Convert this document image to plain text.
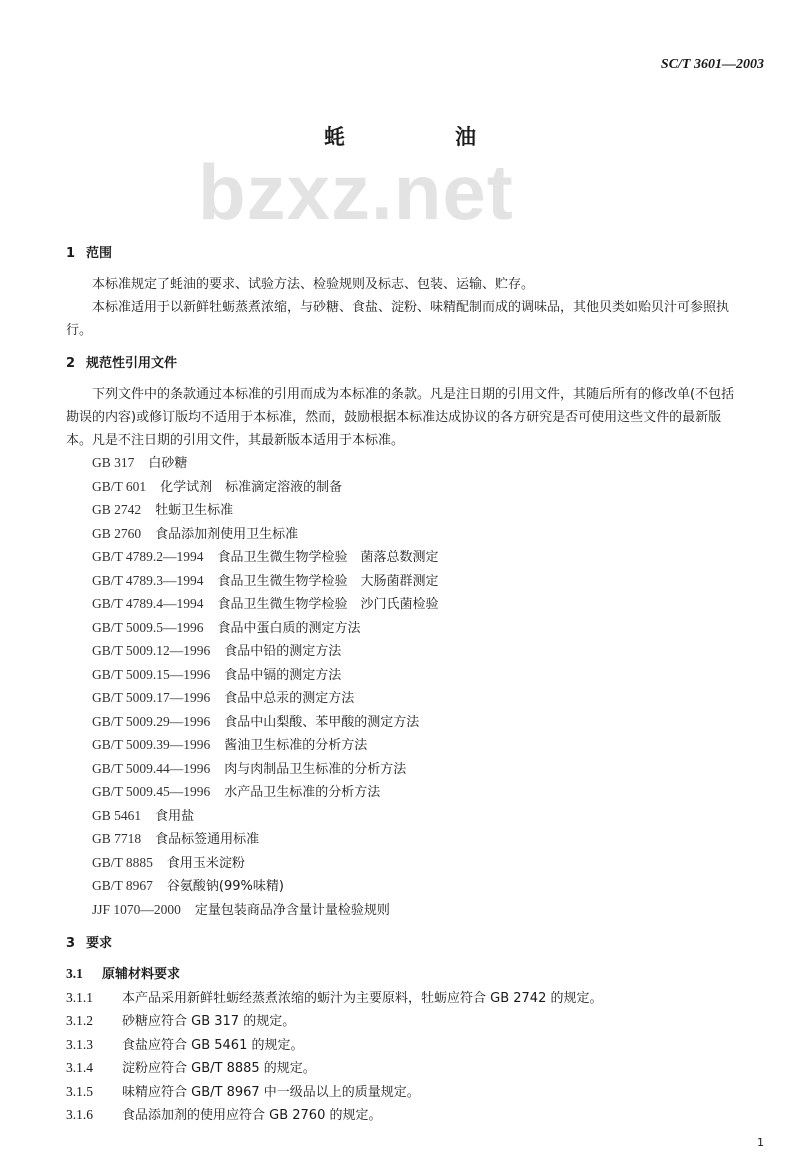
SC/T 3601—2003
蚝	油
bzxz.net
1 范围
本标准规定了蚝油的要求、试验方法、检验规则及标志、包装、运输、贮存。
本标准适用于以新鲜牡蛎蒸煮浓缩，与砂糖、食盐、淀粉、味精配制而成的调味品，其他贝类如贻贝汁可参照执行。
2 规范性引用文件
下列文件中的条款通过本标准的引用而成为本标准的条款。凡是注日期的引用文件，其随后所有的修改单(不包括勘误的内容)或修订版均不适用于本标准，然而，鼓励根据本标准达成协议的各方研究是否可使用这些文件的最新版本。凡是不注日期的引用文件，其最新版本适用于本标准。
GB 317 白砂糖
GB/T 601 化学试剂　标准滴定溶液的制备
GB 2742 牡蛎卫生标准
GB 2760 食品添加剂使用卫生标准
GB/T 4789.2—1994 食品卫生微生物学检验　菌落总数测定
GB/T 4789.3—1994 食品卫生微生物学检验　大肠菌群测定
GB/T 4789.4—1994 食品卫生微生物学检验　沙门氏菌检验
GB/T 5009.5—1996 食品中蛋白质的测定方法
GB/T 5009.12—1996 食品中铅的测定方法
GB/T 5009.15—1996 食品中镉的测定方法
GB/T 5009.17—1996 食品中总汞的测定方法
GB/T 5009.29—1996 食品中山梨酸、苯甲酸的测定方法
GB/T 5009.39—1996 酱油卫生标准的分析方法
GB/T 5009.44—1996 肉与肉制品卫生标准的分析方法
GB/T 5009.45—1996 水产品卫生标准的分析方法
GB 5461 食用盐
GB 7718 食品标签通用标准
GB/T 8885 食用玉米淀粉
GB/T 8967 谷氨酸钠(99%味精)
JJF 1070—2000 定量包装商品净含量计量检验规则
3 要求
3.1 原辅材料要求
3.1.1 本产品采用新鲜牡蛎经蒸煮浓缩的蛎汁为主要原料，牡蛎应符合 GB 2742 的规定。
3.1.2 砂糖应符合 GB 317 的规定。
3.1.3 食盐应符合 GB 5461 的规定。
3.1.4 淀粉应符合 GB/T 8885 的规定。
3.1.5 味精应符合 GB/T 8967 中一级品以上的质量规定。
3.1.6 食品添加剂的使用应符合 GB 2760 的规定。
1
